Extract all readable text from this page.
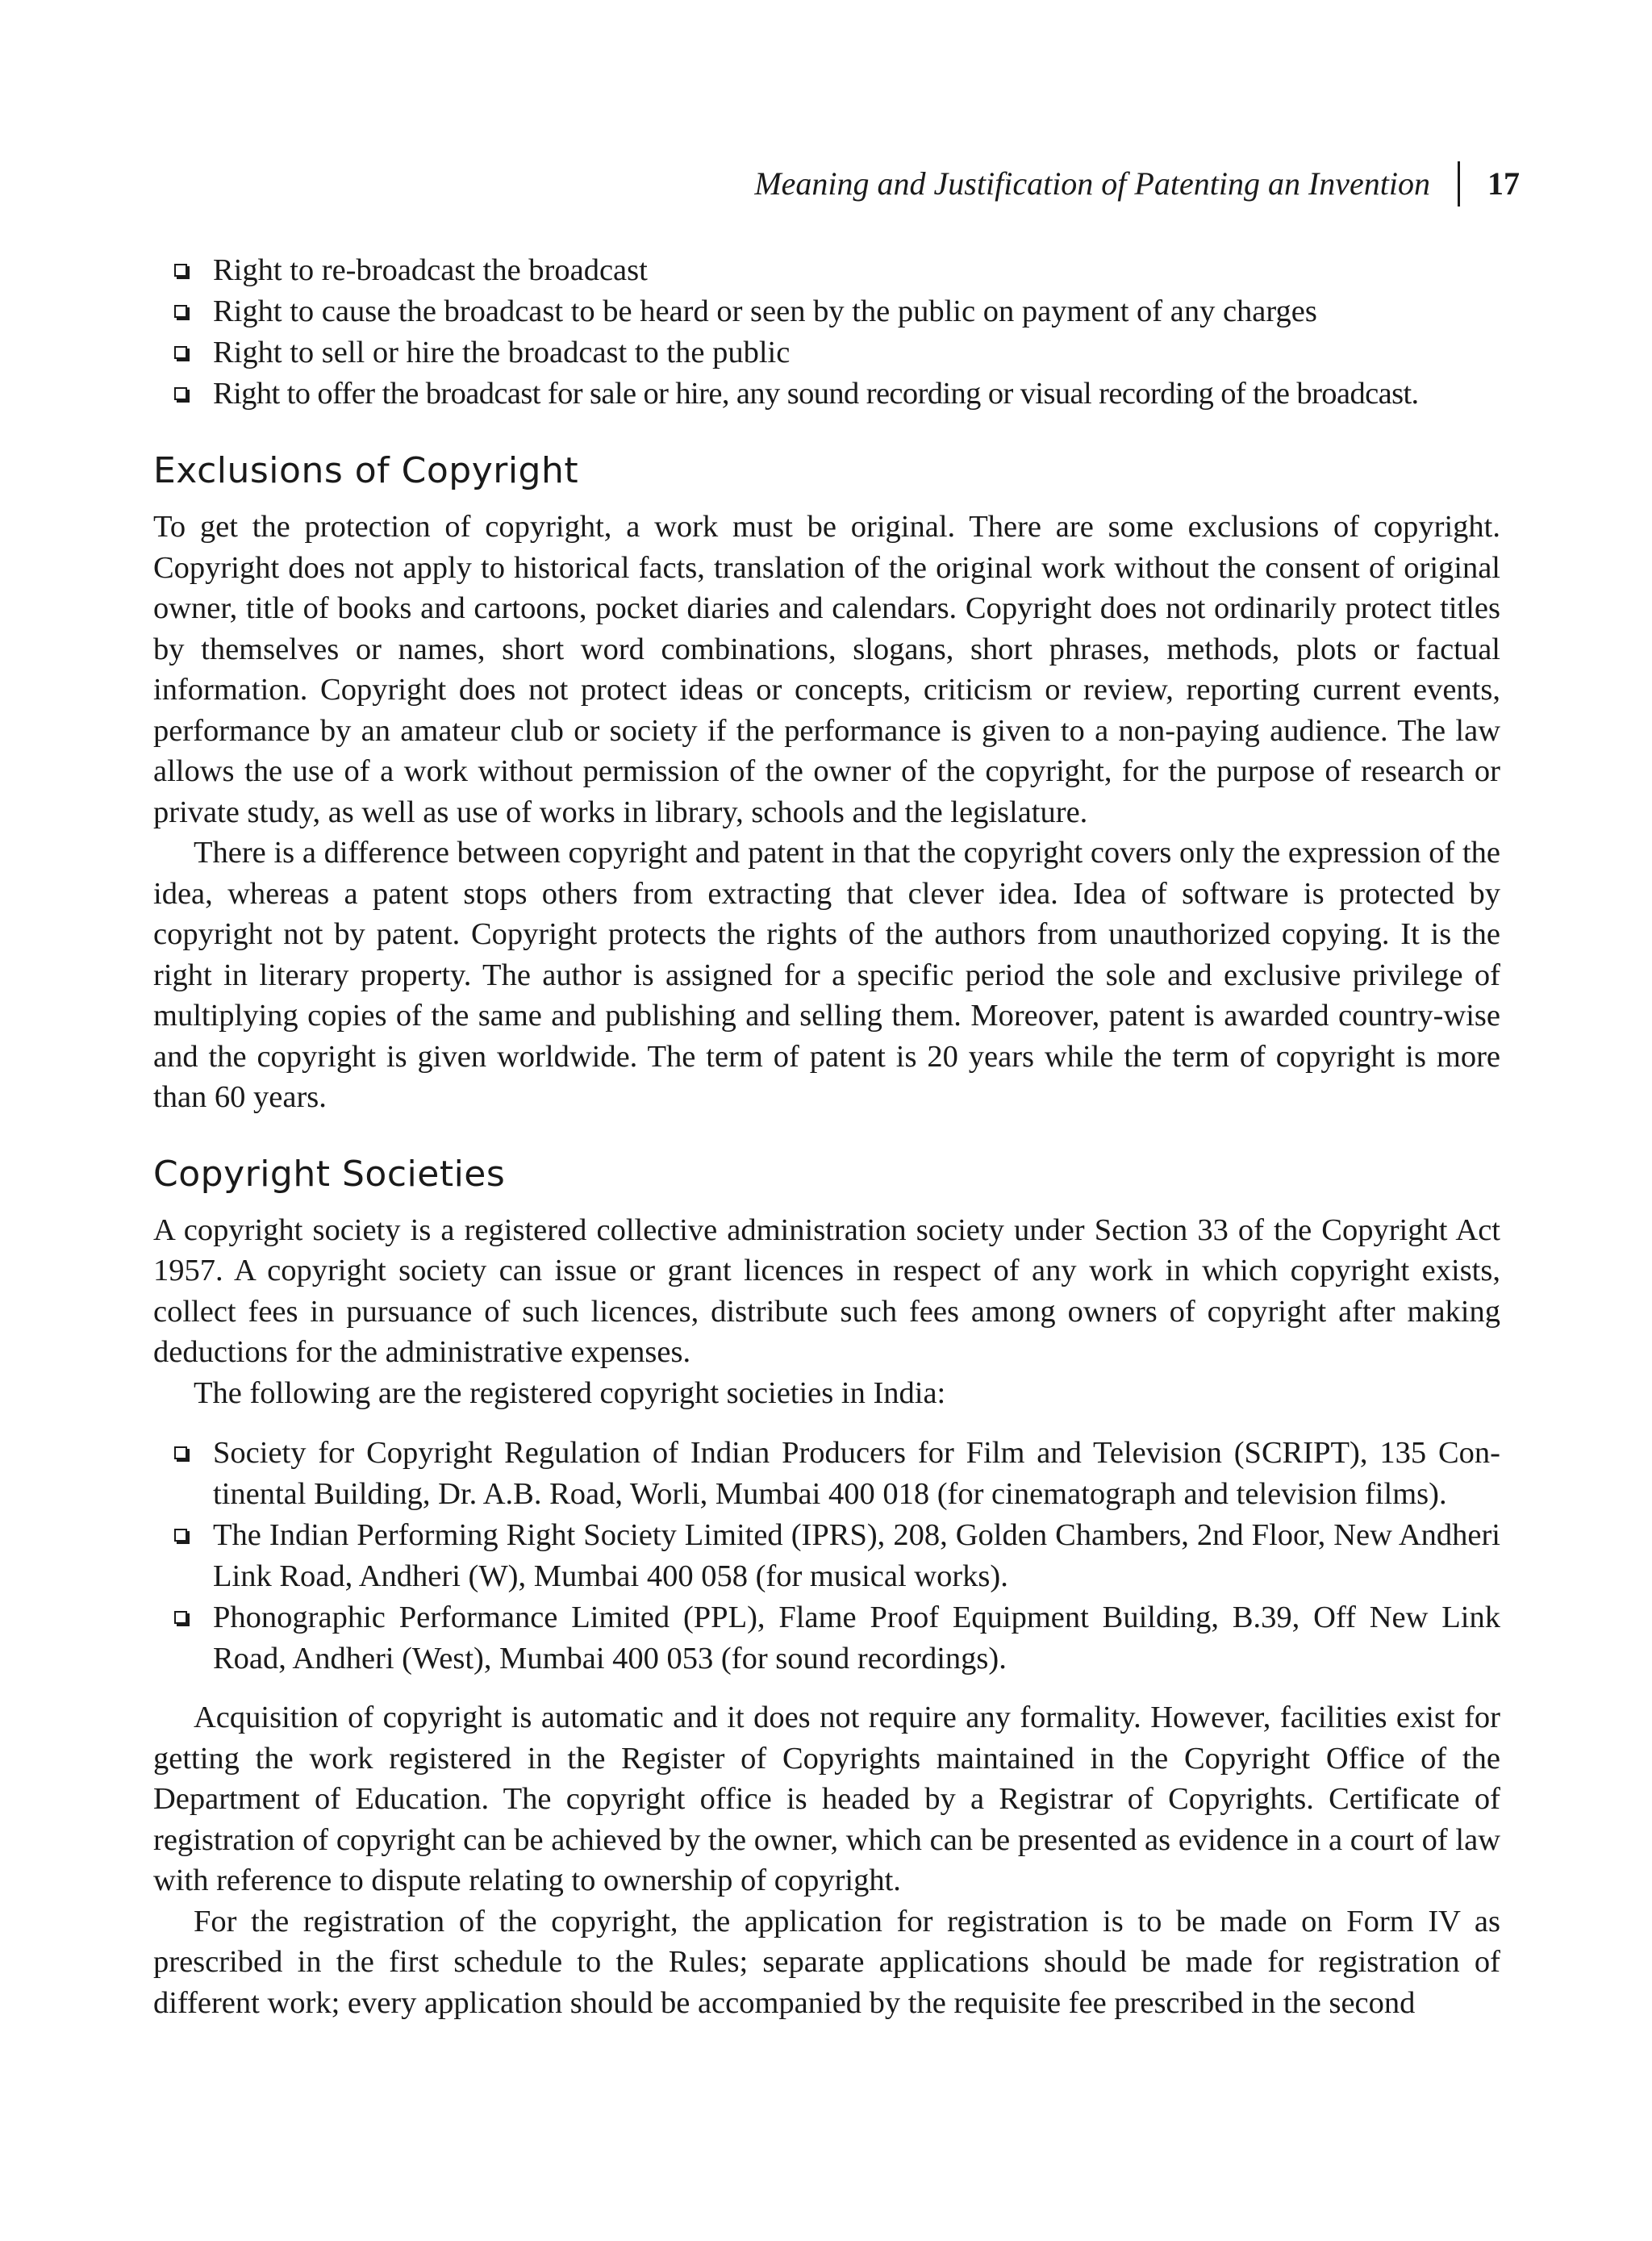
Meaning and Justification of Patenting an Invention	17
Right to re-broadcast the broadcast
Right to cause the broadcast to be heard or seen by the public on payment of any charges
Right to sell or hire the broadcast to the public
Right to offer the broadcast for sale or hire, any sound recording or visual recording of the broadcast.
Exclusions of Copyright

To get the protection of copyright, a work must be original. There are some exclusions of copyright. Copyright does not apply to historical facts, translation of the original work without the consent of original owner, title of books and cartoons, pocket diaries and calendars. Copyright does not ordinarily protect titles by themselves or names, short word combinations, slogans, short phrases, methods, plots or factual information. Copyright does not protect ideas or concepts, criticism or review, reporting current events, performance by an amateur club or society if the performance is given to a non-paying audience. The law allows the use of a work without permission of the owner of the copyright, for the purpose of research or private study, as well as use of works in library, schools and the legislature.

There is a difference between copyright and patent in that the copyright covers only the expression of the idea, whereas a patent stops others from extracting that clever idea. Idea of software is protected by copyright not by patent. Copyright protects the rights of the authors from unauthorized copying. It is the right in literary property. The author is assigned for a specific period the sole and exclusive privilege of multiplying copies of the same and publishing and selling them. Moreover, patent is awarded country-wise and the copyright is given worldwide. The term of patent is 20 years while the term of copyright is more than 60 years.

Copyright Societies

A copyright society is a registered collective administration society under Section 33 of the Copyright Act 1957. A copyright society can issue or grant licences in respect of any work in which copyright exists, collect fees in pursuance of such licences, distribute such fees among owners of copyright after making deductions for the administrative expenses.

The following are the registered copyright societies in India:

Society for Copyright Regulation of Indian Producers for Film and Television (SCRIPT), 135 Continental Building, Dr. A.B. Road, Worli, Mumbai 400 018 (for cinematograph and television films).
The Indian Performing Right Society Limited (IPRS), 208, Golden Chambers, 2nd Floor, New Andheri Link Road, Andheri (W), Mumbai 400 058 (for musical works).
Phonographic Performance Limited (PPL), Flame Proof Equipment Building, B.39, Off New Link Road, Andheri (West), Mumbai 400 053 (for sound recordings).

Acquisition of copyright is automatic and it does not require any formality. However, facilities exist for getting the work registered in the Register of Copyrights maintained in the Copyright Office of the Department of Education. The copyright office is headed by a Registrar of Copyrights. Certificate of registration of copyright can be achieved by the owner, which can be presented as evidence in a court of law with reference to dispute relating to ownership of copyright.

For the registration of the copyright, the application for registration is to be made on Form IV as prescribed in the first schedule to the Rules; separate applications should be made for registration of different work; every application should be accompanied by the requisite fee prescribed in the second
